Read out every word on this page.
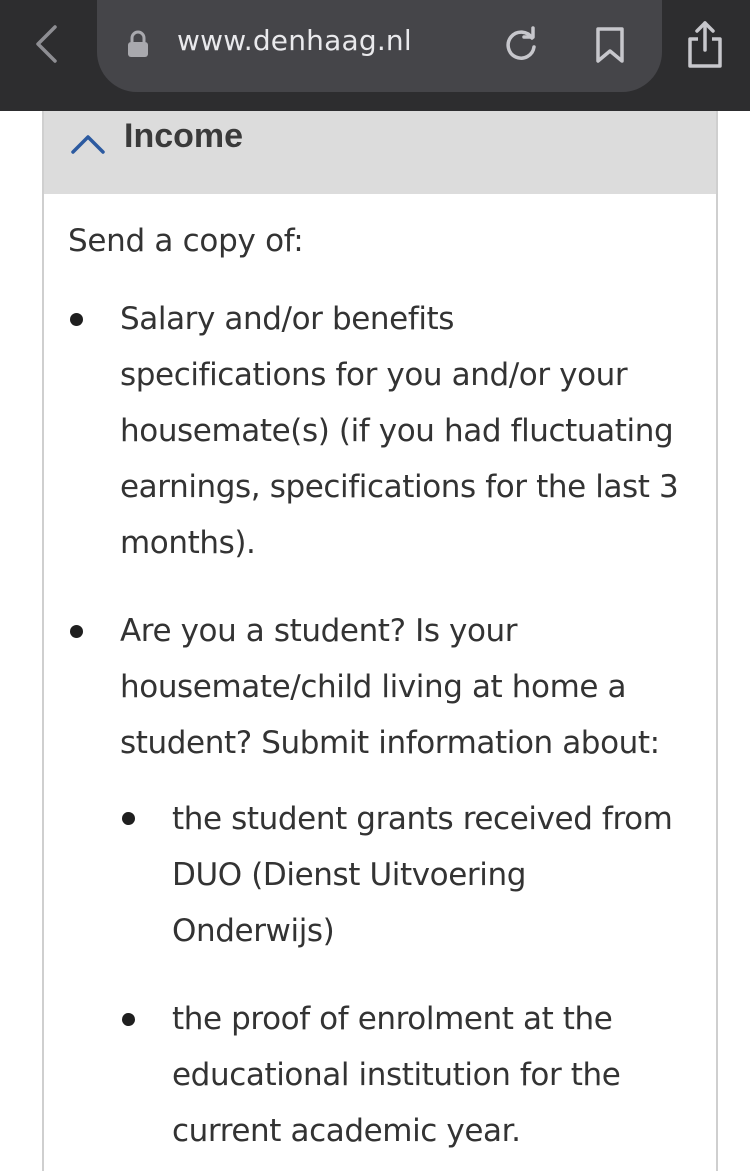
www.denhaag.nl
Income
Send a copy of:

Salary and/or benefits
specifications for you and/or your
housemate(s) (if you had fluctuating
earnings, specifications for the last 3
months).

Are you a student? Is your
housemate/child living at home a
student? Submit information about:

the student grants received from
DUO (Dienst Uitvoering
Onderwijs)

the proof of enrolment at the
educational institution for the
current academic year.
